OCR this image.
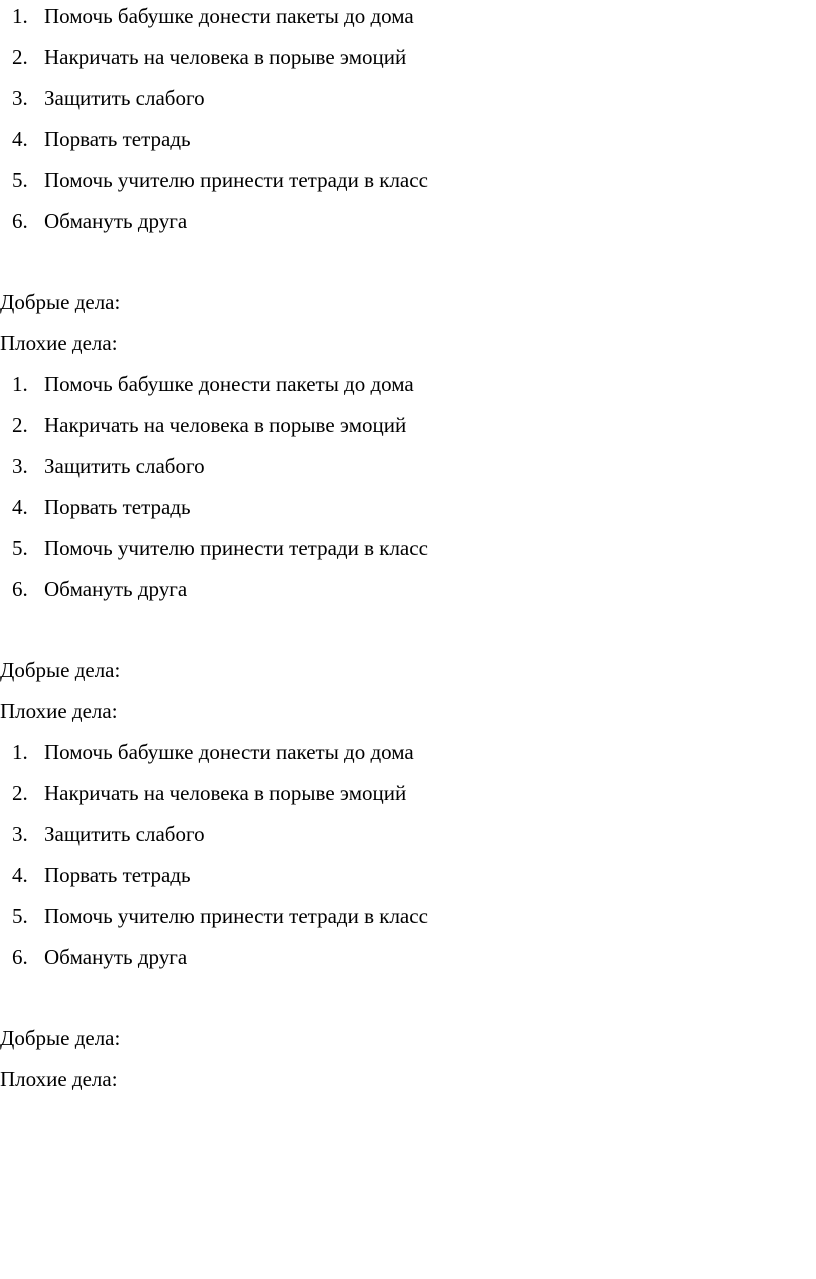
1. Помочь бабушке донести пакеты до дома
2. Накричать на человека в порыве эмоций
3. Защитить слабого
4. Порвать тетрадь
5. Помочь учителю принести тетради в класс
6. Обмануть друга
Добрые дела:
Плохие дела:
1. Помочь бабушке донести пакеты до дома
2. Накричать на человека в порыве эмоций
3. Защитить слабого
4. Порвать тетрадь
5. Помочь учителю принести тетради в класс
6. Обмануть друга
Добрые дела:
Плохие дела:
1. Помочь бабушке донести пакеты до дома
2. Накричать на человека в порыве эмоций
3. Защитить слабого
4. Порвать тетрадь
5. Помочь учителю принести тетради в класс
6. Обмануть друга
Добрые дела:
Плохие дела:
